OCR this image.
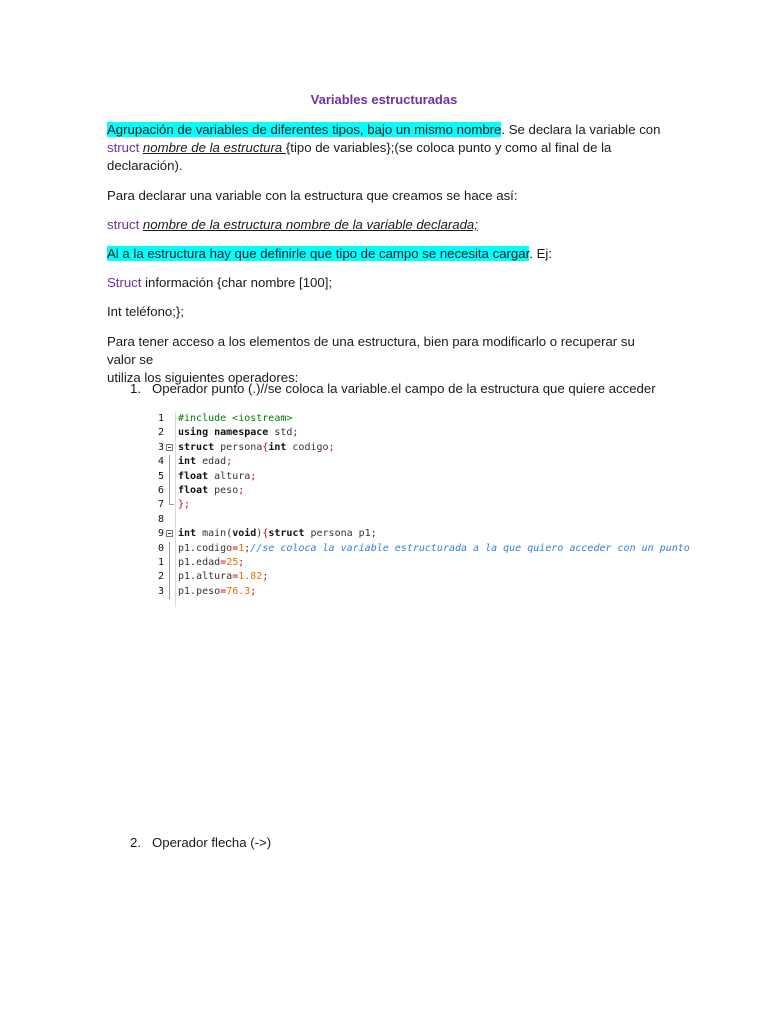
Variables estructuradas
Agrupación de variables de diferentes tipos, bajo un mismo nombre. Se declara la variable con
struct nombre de la estructura {tipo de variables};(se coloca punto y como al final de la
declaración).
Para declarar una variable con la estructura que creamos se hace así:
struct nombre de la estructura nombre de la variable declarada;
Al a la estructura hay que definirle que tipo de campo se necesita cargar. Ej:
Struct información {char nombre [100];
Int teléfono;};
Para tener acceso a los elementos de una estructura, bien para modificarlo o recuperar su valor se
utiliza los siguientes operadores:
1. Operador punto (.)//se coloca la variable.el campo de la estructura que quiere acceder
1 #include <iostream>
2 using namespace std;
3 struct persona{int codigo;
4 int edad;
5 float altura;
6 float peso;
7 };
8
9 int main(void){struct persona p1;
0 p1.codigo=1;//se coloca la variable estructurada a la que quiero acceder con un punto
1 p1.edad=25;
2 p1.altura=1.82;
3 p1.peso=76.3;
2. Operador flecha (->)
